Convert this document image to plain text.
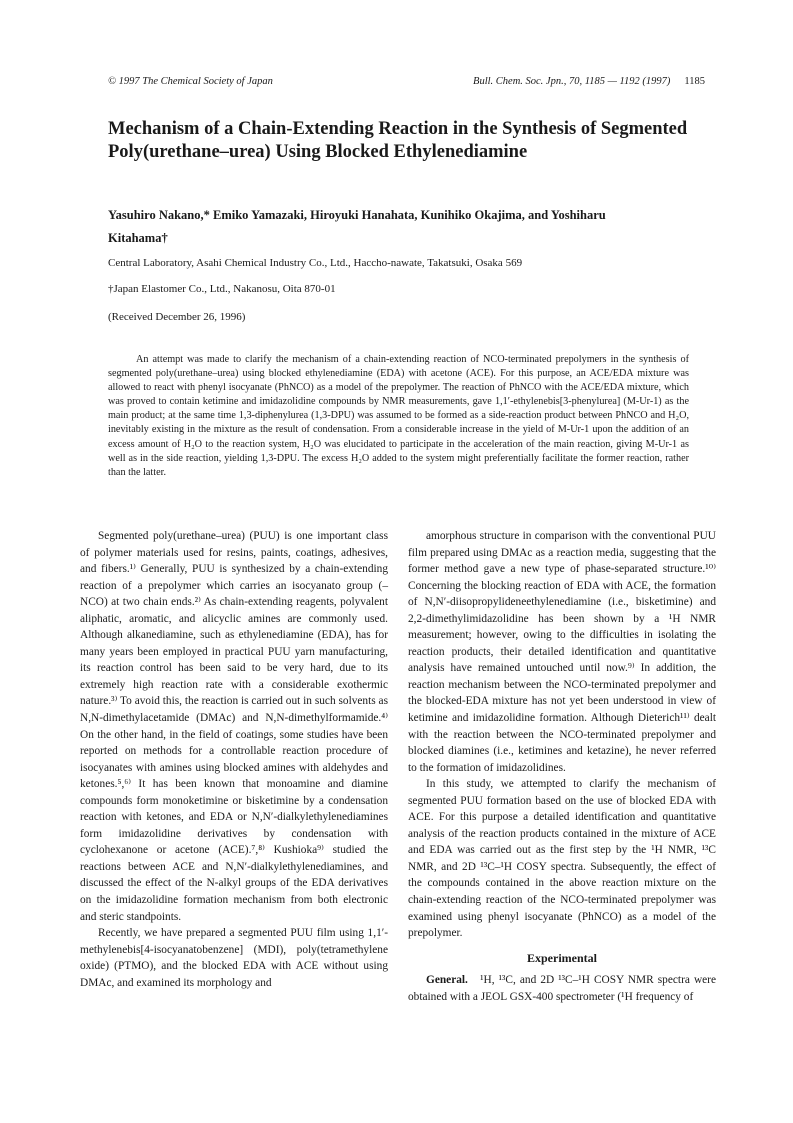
© 1997 The Chemical Society of Japan	Bull. Chem. Soc. Jpn., 70, 1185 — 1192 (1997) 1185
Mechanism of a Chain-Extending Reaction in the Synthesis of Segmented Poly(urethane–urea) Using Blocked Ethylenediamine
Yasuhiro Nakano,* Emiko Yamazaki, Hiroyuki Hanahata, Kunihiko Okajima, and Yoshiharu Kitahama†
Central Laboratory, Asahi Chemical Industry Co., Ltd., Haccho-nawate, Takatsuki, Osaka 569
†Japan Elastomer Co., Ltd., Nakanosu, Oita 870-01
(Received December 26, 1996)

An attempt was made to clarify the mechanism of a chain-extending reaction of NCO-terminated prepolymers in the synthesis of segmented poly(urethane–urea) using blocked ethylenediamine (EDA) with acetone (ACE). For this purpose, an ACE/EDA mixture was allowed to react with phenyl isocyanate (PhNCO) as a model of the prepolymer. The reaction of PhNCO with the ACE/EDA mixture, which was proved to contain ketimine and imidazolidine compounds by NMR measurements, gave 1,1′-ethylenebis[3-phenylurea] (M-Ur-1) as the main product; at the same time 1,3-diphenylurea (1,3-DPU) was assumed to be formed as a side-reaction product between PhNCO and H₂O, inevitably existing in the mixture as the result of condensation. From a considerable increase in the yield of M-Ur-1 upon the addition of an excess amount of H₂O to the reaction system, H₂O was elucidated to participate in the acceleration of the main reaction, giving M-Ur-1 as well as in the side reaction, yielding 1,3-DPU. The excess H₂O added to the system might preferentially facilitate the former reaction, rather than the latter.

Segmented poly(urethane–urea) (PUU) is one important class of polymer materials used for resins, paints, coatings, adhesives, and fibers.¹⁾ Generally, PUU is synthesized by a chain-extending reaction of a prepolymer which carries an isocyanato group (–NCO) at two chain ends.²⁾ As chain-extending reagents, polyvalent aliphatic, aromatic, and alicyclic amines are commonly used. Although alkanediamine, such as ethylenediamine (EDA), has for many years been employed in practical PUU yarn manufacturing, its reaction control has been said to be very hard, due to its extremely high reaction rate with a considerable exothermic nature.³⁾ To avoid this, the reaction is carried out in such solvents as N,N-dimethylacetamide (DMAc) and N,N-dimethylformamide.⁴⁾ On the other hand, in the field of coatings, some studies have been reported on methods for a controllable reaction procedure of isocyanates with amines using blocked amines with aldehydes and ketones.⁵,⁶⁾ It has been known that monoamine and diamine compounds form monoketimine or bisketimine by a condensation reaction with ketones, and EDA or N,N′-dialkylethylenediamines form imidazolidine derivatives by condensation with cyclohexanone or acetone (ACE).⁷,⁸⁾ Kushioka⁹⁾ studied the reactions between ACE and N,N′-dialkylethylenediamines, and discussed the effect of the N-alkyl groups of the EDA derivatives on the imidazolidine formation mechanism from both electronic and steric standpoints.

Recently, we have prepared a segmented PUU film using 1,1′-methylenebis[4-isocyanatobenzene] (MDI), poly(tetramethylene oxide) (PTMO), and the blocked EDA with ACE without using DMAc, and examined its morphology and

amorphous structure in comparison with the conventional PUU film prepared using DMAc as a reaction media, suggesting that the former method gave a new type of phase-separated structure.¹⁰⁾ Concerning the blocking reaction of EDA with ACE, the formation of N,N′-diisopropylideneethylenediamine (i.e., bisketimine) and 2,2-dimethylimidazolidine has been shown by a ¹H NMR measurement; however, owing to the difficulties in isolating the reaction products, their detailed identification and quantitative analysis have remained untouched until now.⁹⁾ In addition, the reaction mechanism between the NCO-terminated prepolymer and the blocked-EDA mixture has not yet been understood in view of ketimine and imidazolidine formation. Although Dieterich¹¹⁾ dealt with the reaction between the NCO-terminated prepolymer and blocked diamines (i.e., ketimines and ketazine), he never referred to the formation of imidazolidines.

In this study, we attempted to clarify the mechanism of segmented PUU formation based on the use of blocked EDA with ACE. For this purpose a detailed identification and quantitative analysis of the reaction products contained in the mixture of ACE and EDA was carried out as the first step by the ¹H NMR, ¹³C NMR, and 2D ¹³C–¹H COSY spectra. Subsequently, the effect of the compounds contained in the above reaction mixture on the chain-extending reaction of the NCO-terminated prepolymer was examined using phenyl isocyanate (PhNCO) as a model of the prepolymer.

Experimental

General. ¹H, ¹³C, and 2D ¹³C–¹H COSY NMR spectra were obtained with a JEOL GSX-400 spectrometer (¹H frequency of
